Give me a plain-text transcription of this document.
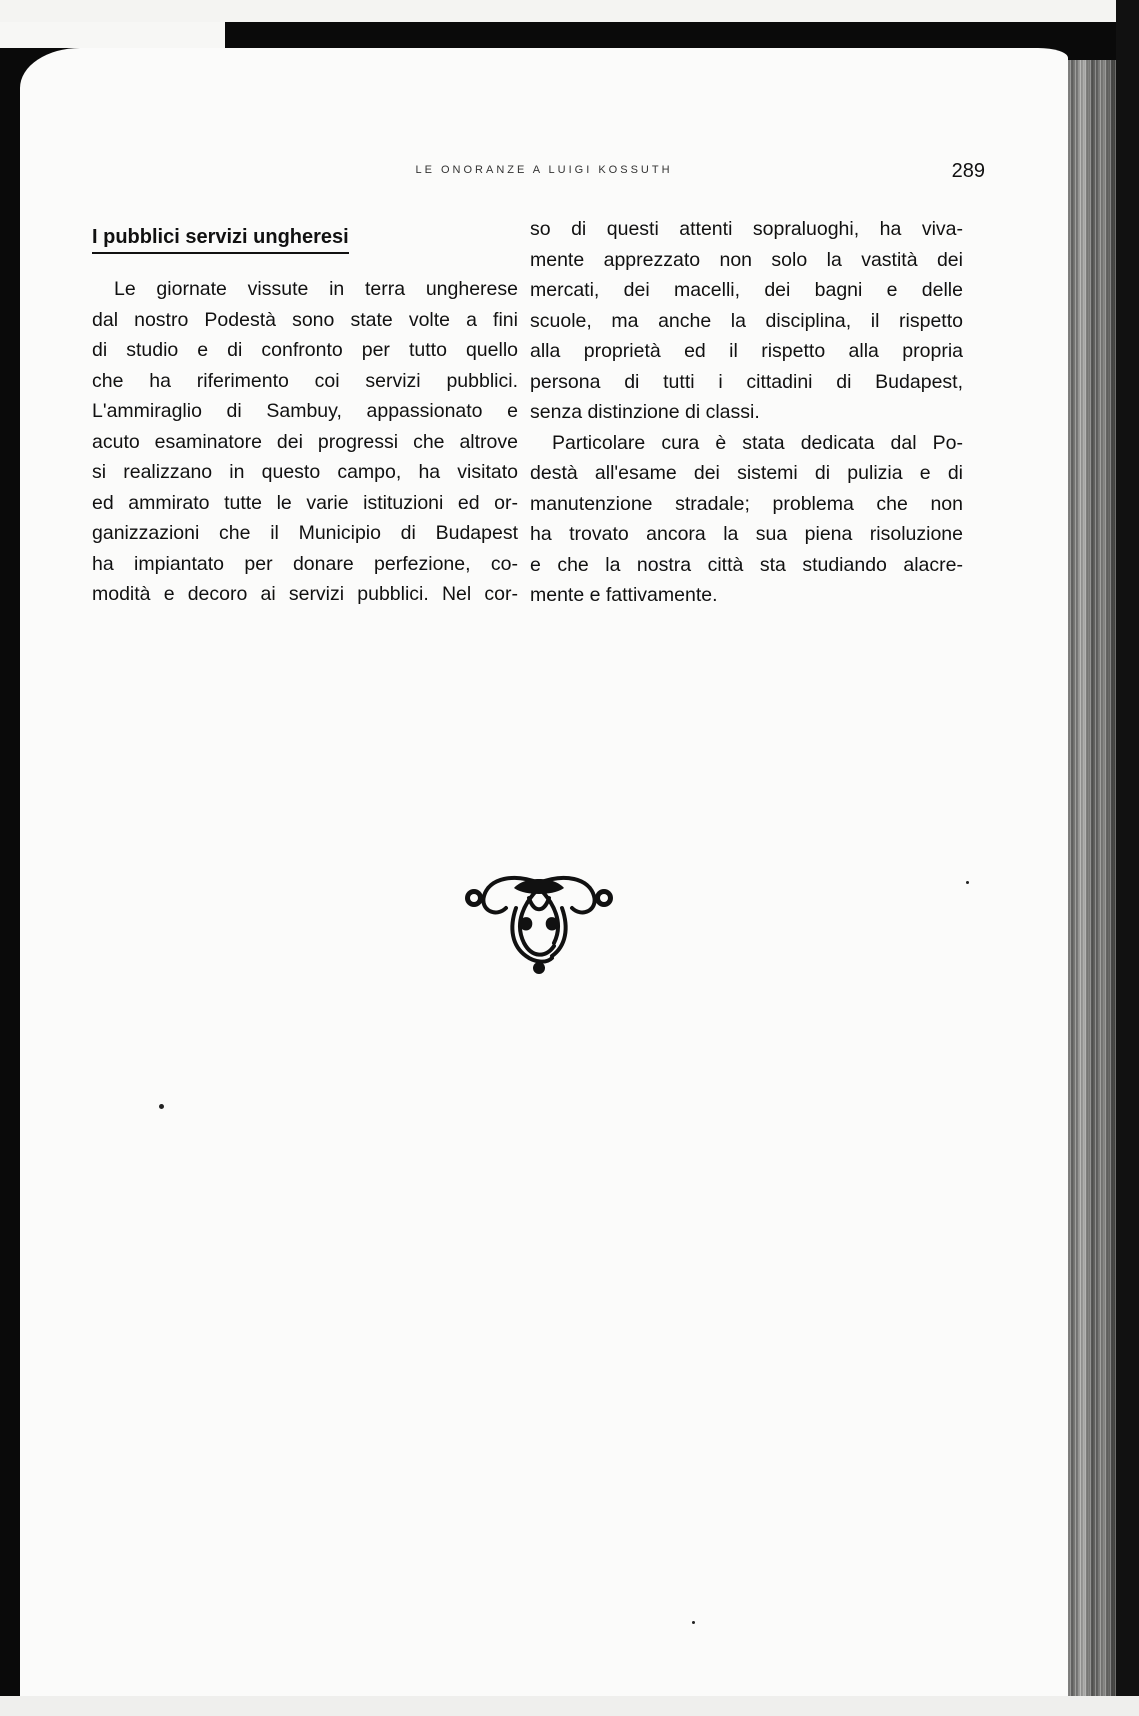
LE ONORANZE A LUIGI KOSSUTH	289
I pubblici servizi ungheresi
Le giornate vissute in terra ungherese
dal nostro Podestà sono state volte a fini
di studio e di confronto per tutto quello
che ha riferimento coi servizi pubblici.
L'ammiraglio di Sambuy, appassionato e
acuto esaminatore dei progressi che altrove
si realizzano in questo campo, ha visitato
ed ammirato tutte le varie istituzioni ed or-
ganizzazioni che il Municipio di Budapest
ha impiantato per donare perfezione, co-
modità e decoro ai servizi pubblici. Nel cor-
so di questi attenti sopraluoghi, ha viva-
mente apprezzato non solo la vastità dei
mercati, dei macelli, dei bagni e delle
scuole, ma anche la disciplina, il rispetto
alla proprietà ed il rispetto alla propria
persona di tutti i cittadini di Budapest,
senza distinzione di classi.
Particolare cura è stata dedicata dal Po-
destà all'esame dei sistemi di pulizia e di
manutenzione stradale; problema che non
ha trovato ancora la sua piena risoluzione
e che la nostra città sta studiando alacre-
mente e fattivamente.
